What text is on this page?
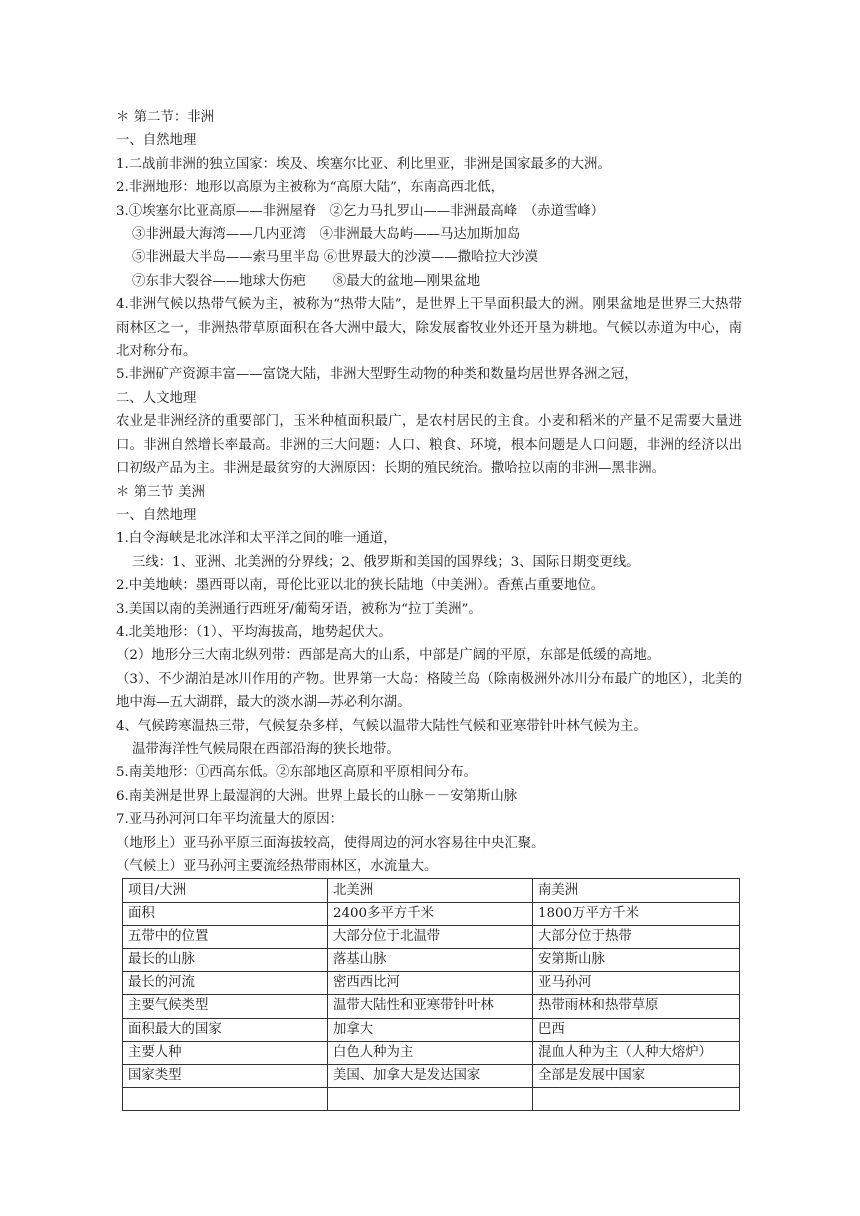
＊ 第二节：非洲
一、自然地理
1.二战前非洲的独立国家：埃及、埃塞尔比亚、利比里亚，非洲是国家最多的大洲。
2.非洲地形：地形以高原为主被称为“高原大陆”，东南高西北低，
3.①埃塞尔比亚高原——非洲屋脊　②乞力马扎罗山——非洲最高峰　（赤道雪峰）
③非洲最大海湾——几内亚湾　④非洲最大岛屿——马达加斯加岛
⑤非洲最大半岛——索马里半岛 ⑥世界最大的沙漠——撒哈拉大沙漠
⑦东非大裂谷——地球大伤疤　　⑧最大的盆地—刚果盆地
4.非洲气候以热带气候为主，被称为“热带大陆”，是世界上干旱面积最大的洲。刚果盆地是世界三大热带雨林区之一，非洲热带草原面积在各大洲中最大，除发展畜牧业外还开垦为耕地。气候以赤道为中心，南北对称分布。
5.非洲矿产资源丰富——富饶大陆，非洲大型野生动物的种类和数量均居世界各洲之冠，
二、人文地理
农业是非洲经济的重要部门，玉米种植面积最广，是农村居民的主食。小麦和稻米的产量不足需要大量进口。非洲自然增长率最高。非洲的三大问题：人口、粮食、环境，根本问题是人口问题，非洲的经济以出口初级产品为主。非洲是最贫穷的大洲原因：长期的殖民统治。撒哈拉以南的非洲—黑非洲。
＊ 第三节 美洲
一、自然地理
1.白令海峡是北冰洋和太平洋之间的唯一通道，
三线：1、亚洲、北美洲的分界线；2、俄罗斯和美国的国界线；3、国际日期变更线。
2.中美地峡：墨西哥以南，哥伦比亚以北的狭长陆地（中美洲）。香蕉占重要地位。
3.美国以南的美洲通行西班牙/葡萄牙语，被称为“拉丁美洲”。
4.北美地形：（1）、平均海拔高，地势起伏大。
（2）地形分三大南北纵列带：西部是高大的山系，中部是广阔的平原，东部是低缓的高地。
（3）、不少湖泊是冰川作用的产物。世界第一大岛：格陵兰岛（除南极洲外冰川分布最广的地区），北美的地中海—五大湖群，最大的淡水湖—苏必利尔湖。
4、气候跨寒温热三带，气候复杂多样，气候以温带大陆性气候和亚寒带针叶林气候为主。
温带海洋性气候局限在西部沿海的狭长地带。
5.南美地形：①西高东低。②东部地区高原和平原相间分布。
6.南美洲是世界上最湿润的大洲。世界上最长的山脉－－安第斯山脉
7.亚马孙河河口年平均流量大的原因：
（地形上）亚马孙平原三面海拔较高，使得周边的河水容易往中央汇聚。
（气候上）亚马孙河主要流经热带雨林区，水流量大。
项目/大洲	北美洲	南美洲
面积	2400多平方千米	1800万平方千米
五带中的位置	大部分位于北温带	大部分位于热带
最长的山脉	落基山脉	安第斯山脉
最长的河流	密西西比河	亚马孙河
主要气候类型	温带大陆性和亚寒带针叶林	热带雨林和热带草原
面积最大的国家	加拿大	巴西
主要人种	白色人种为主	混血人种为主（人种大熔炉）
国家类型	美国、加拿大是发达国家	全部是发展中国家
